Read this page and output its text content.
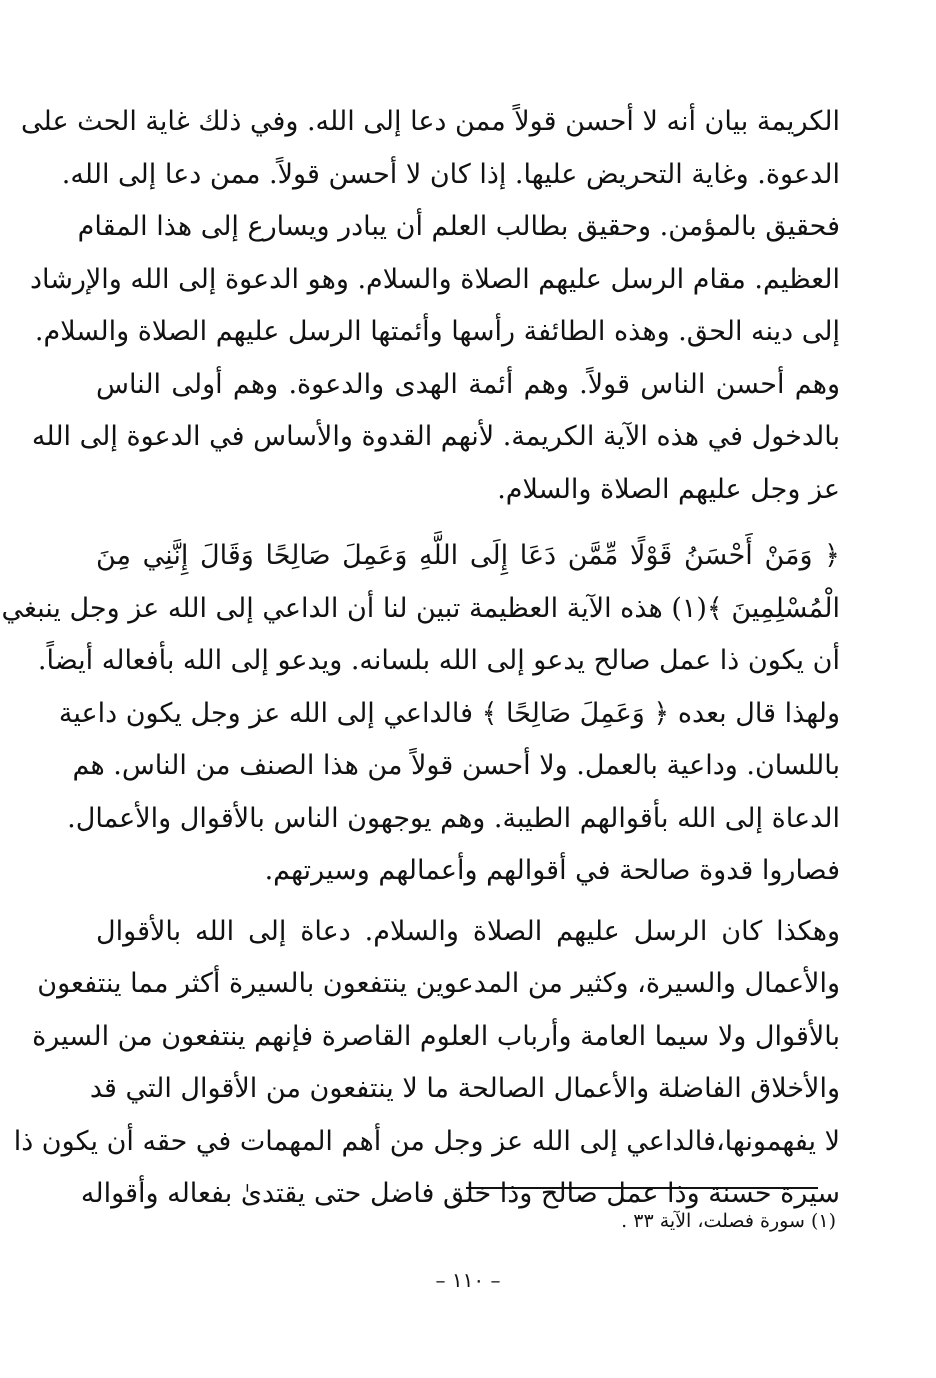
الكريمة بيان أنه لا أحسن قولاً ممن دعا إلى الله. وفي ذلك غاية الحث على
الدعوة. وغاية التحريض عليها. إذا كان لا أحسن قولاً. ممن دعا إلى الله.
فحقيق بالمؤمن. وحقيق بطالب العلم أن يبادر ويسارع إلى هذا المقام
العظيم. مقام الرسل عليهم الصلاة والسلام. وهو الدعوة إلى الله والإرشاد
إلى دينه الحق. وهذه الطائفة رأسها وأئمتها الرسل عليهم الصلاة والسلام.
وهم أحسن الناس قولاً. وهم أئمة الهدى والدعوة. وهم أولى الناس
بالدخول في هذه الآية الكريمة. لأنهم القدوة والأساس في الدعوة إلى الله
عز وجل عليهم الصلاة والسلام.
﴿ وَمَنْ أَحْسَنُ قَوْلًا مِّمَّن دَعَا إِلَى اللَّهِ وَعَمِلَ صَالِحًا وَقَالَ إِنَّنِي مِنَ
الْمُسْلِمِينَ ﴾(١) هذه الآية العظيمة تبين لنا أن الداعي إلى الله عز وجل ينبغي
أن يكون ذا عمل صالح يدعو إلى الله بلسانه. ويدعو إلى الله بأفعاله أيضاً.
ولهذا قال بعده ﴿ وَعَمِلَ صَالِحًا ﴾ فالداعي إلى الله عز وجل يكون داعية
باللسان. وداعية بالعمل. ولا أحسن قولاً من هذا الصنف من الناس. هم
الدعاة إلى الله بأقوالهم الطيبة. وهم يوجهون الناس بالأقوال والأعمال.
فصاروا قدوة صالحة في أقوالهم وأعمالهم وسيرتهم.
وهكذا كان الرسل عليهم الصلاة والسلام. دعاة إلى الله بالأقوال
والأعمال والسيرة، وكثير من المدعوين ينتفعون بالسيرة أكثر مما ينتفعون
بالأقوال ولا سيما العامة وأرباب العلوم القاصرة فإنهم ينتفعون من السيرة
والأخلاق الفاضلة والأعمال الصالحة ما لا ينتفعون من الأقوال التي قد
لا يفهمونها،فالداعي إلى الله عز وجل من أهم المهمات في حقه أن يكون ذا
سيرة حسنة وذا عمل صالح وذا خلق فاضل حتى يقتدىٰ بفعاله وأقواله
(١) سورة فصلت، الآية ٣٣ .
– ١١٠ –
